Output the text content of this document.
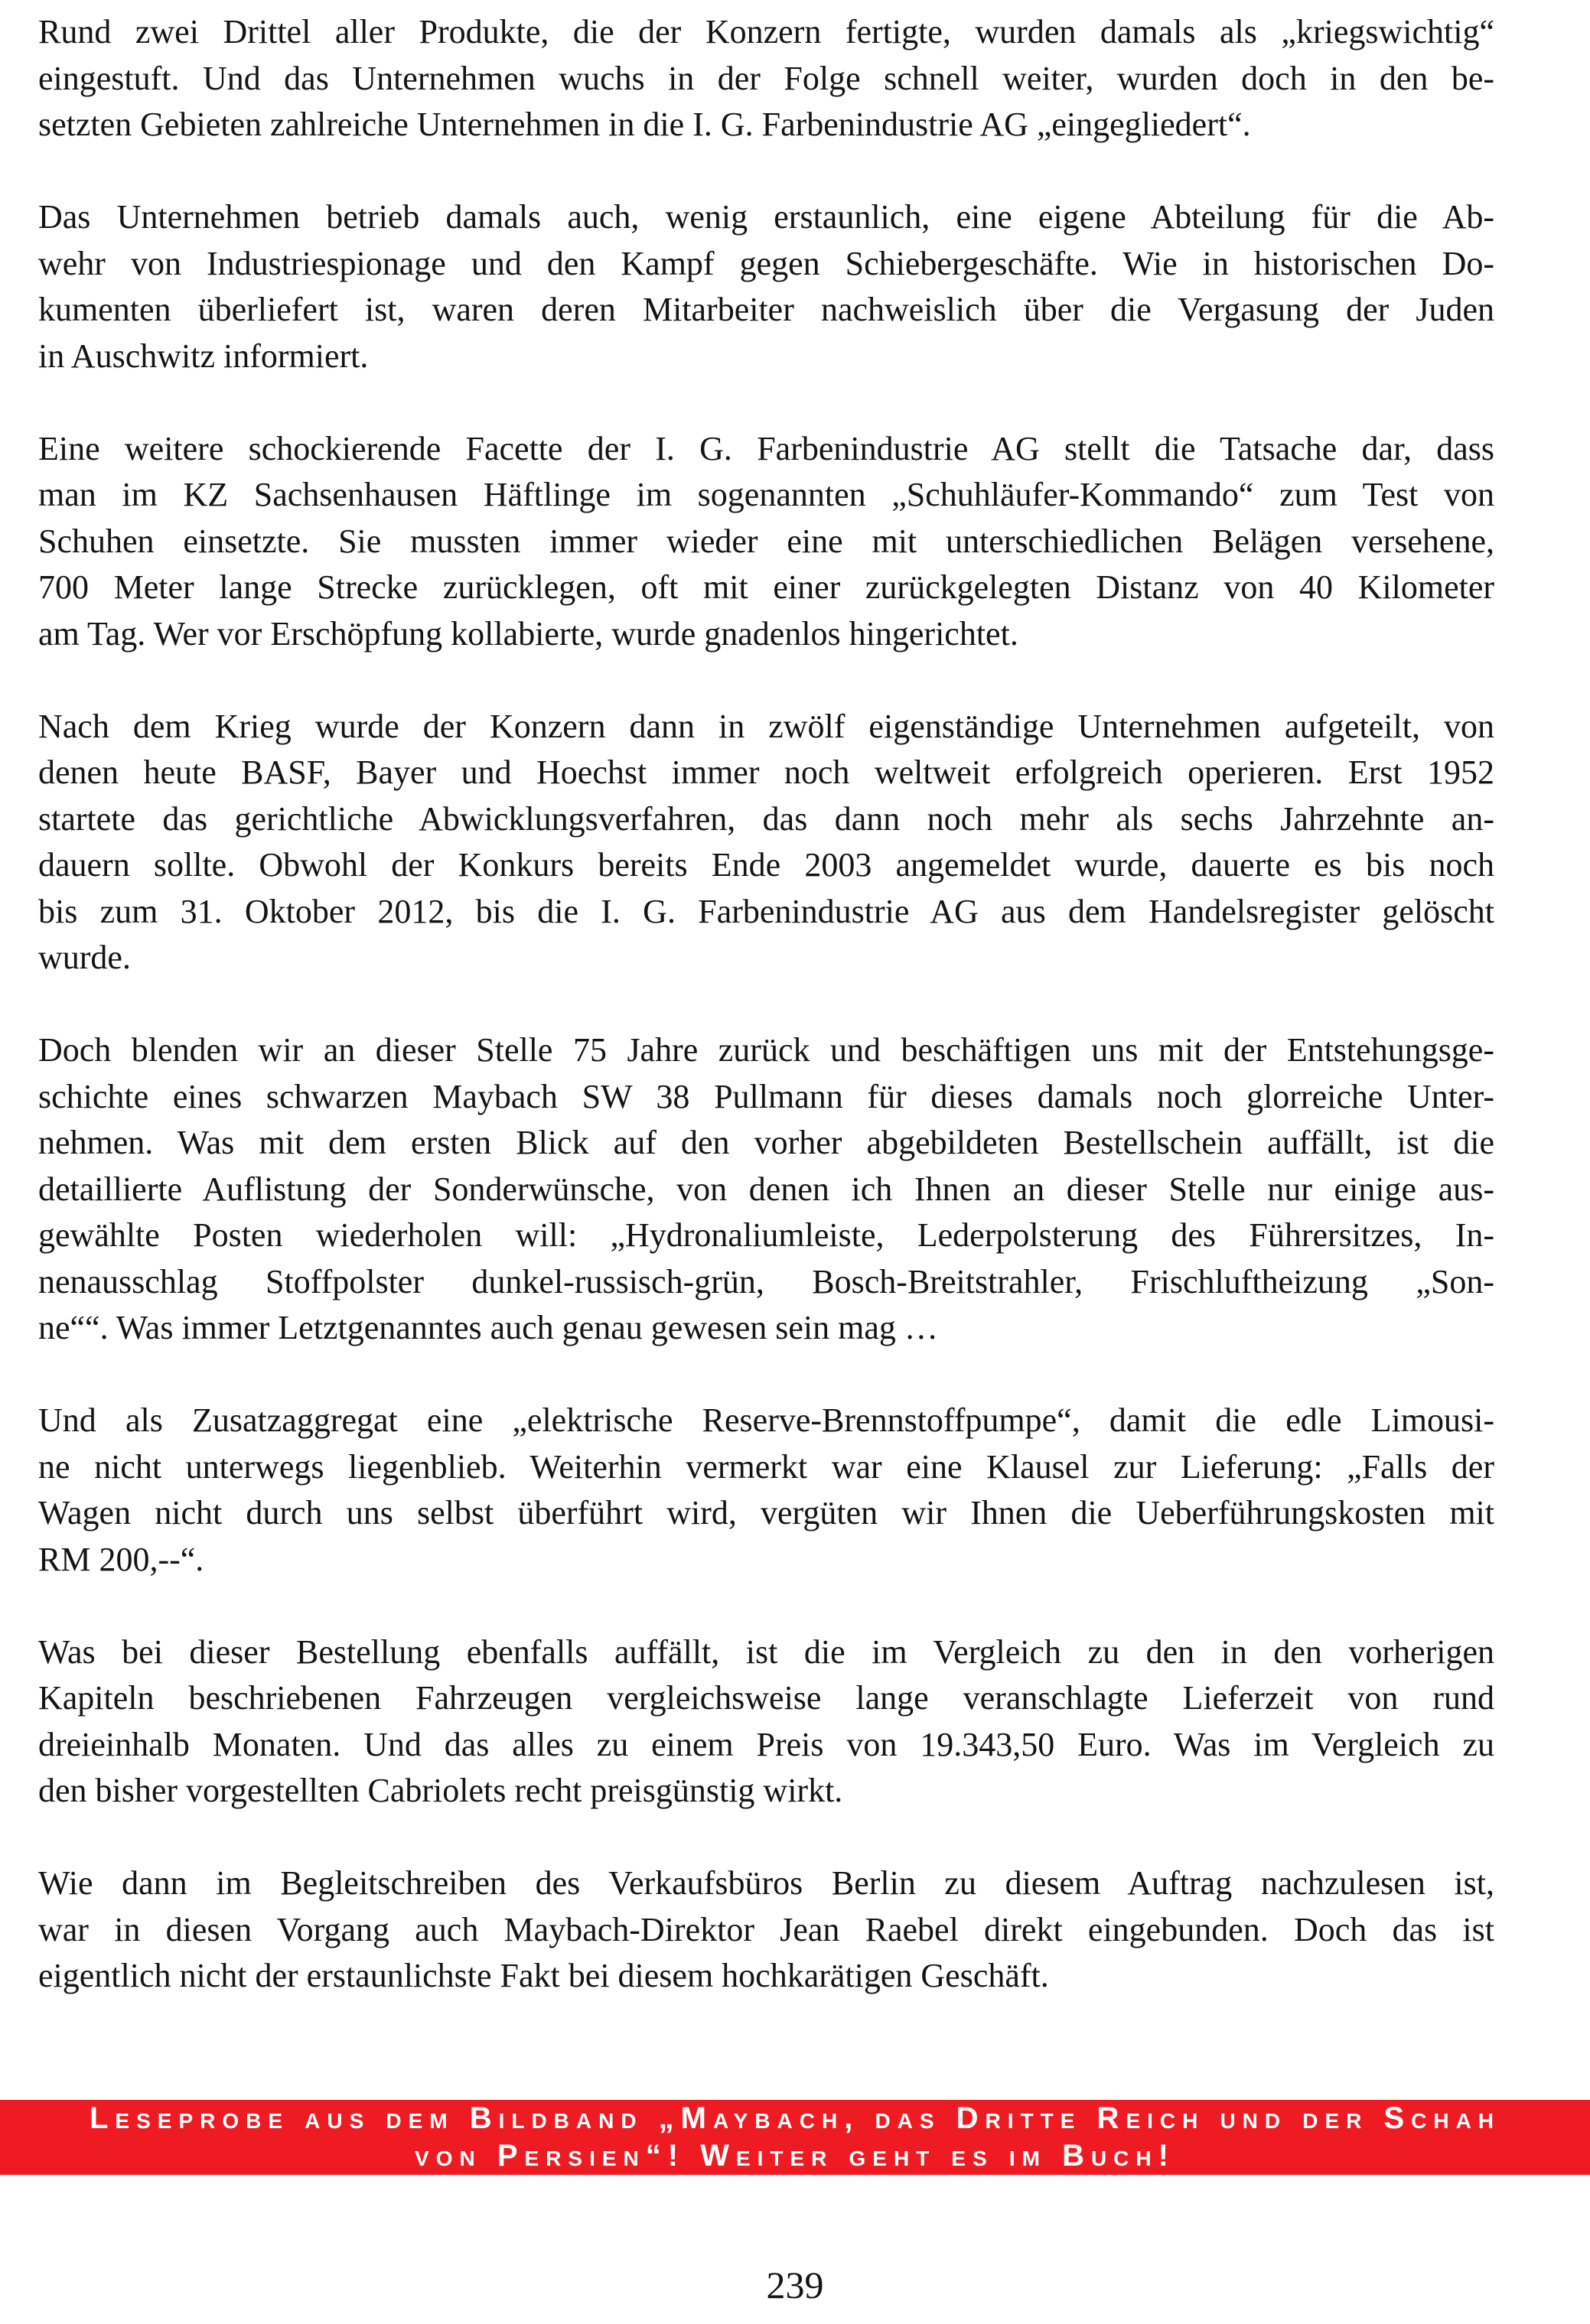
Rund zwei Drittel aller Produkte, die der Konzern fertigte, wurden damals als „kriegswichtig“
eingestuft. Und das Unternehmen wuchs in der Folge schnell weiter, wurden doch in den be-
setzten Gebieten zahlreiche Unternehmen in die I. G. Farbenindustrie AG „eingegliedert“.
Das Unternehmen betrieb damals auch, wenig erstaunlich, eine eigene Abteilung für die Ab-
wehr von Industriespionage und den Kampf gegen Schiebergeschäfte. Wie in historischen Do-
kumenten überliefert ist, waren deren Mitarbeiter nachweislich über die Vergasung der Juden
in Auschwitz informiert.
Eine weitere schockierende Facette der I. G. Farbenindustrie AG stellt die Tatsache dar, dass
man im KZ Sachsenhausen Häftlinge im sogenannten „Schuhläufer-Kommando“ zum Test von
Schuhen einsetzte. Sie mussten immer wieder eine mit unterschiedlichen Belägen versehene,
700 Meter lange Strecke zurücklegen, oft mit einer zurückgelegten Distanz von 40 Kilometer
am Tag. Wer vor Erschöpfung kollabierte, wurde gnadenlos hingerichtet.
Nach dem Krieg wurde der Konzern dann in zwölf eigenständige Unternehmen aufgeteilt, von
denen heute BASF, Bayer und Hoechst immer noch weltweit erfolgreich operieren. Erst 1952
startete das gerichtliche Abwicklungsverfahren, das dann noch mehr als sechs Jahrzehnte an-
dauern sollte. Obwohl der Konkurs bereits Ende 2003 angemeldet wurde, dauerte es bis noch
bis zum 31. Oktober 2012, bis die I. G. Farbenindustrie AG aus dem Handelsregister gelöscht
wurde.
Doch blenden wir an dieser Stelle 75 Jahre zurück und beschäftigen uns mit der Entstehungsge-
schichte eines schwarzen Maybach SW 38 Pullmann für dieses damals noch glorreiche Unter-
nehmen. Was mit dem ersten Blick auf den vorher abgebildeten Bestellschein auffällt, ist die
detaillierte Auflistung der Sonderwünsche, von denen ich Ihnen an dieser Stelle nur einige aus-
gewählte Posten wiederholen will: „Hydronaliumleiste, Lederpolsterung des Führersitzes, In-
nenausschlag Stoffpolster dunkel-russisch-grün, Bosch-Breitstrahler, Frischluftheizung „Son-
ne““. Was immer Letztgenanntes auch genau gewesen sein mag …
Und als Zusatzaggregat eine „elektrische Reserve-Brennstoffpumpe“, damit die edle Limousi-
ne nicht unterwegs liegenblieb. Weiterhin vermerkt war eine Klausel zur Lieferung: „Falls der
Wagen nicht durch uns selbst überführt wird, vergüten wir Ihnen die Ueberführungskosten mit
RM 200,--“.
Was bei dieser Bestellung ebenfalls auffällt, ist die im Vergleich zu den in den vorherigen
Kapiteln beschriebenen Fahrzeugen vergleichsweise lange veranschlagte Lieferzeit von rund
dreieinhalb Monaten. Und das alles zu einem Preis von 19.343,50 Euro. Was im Vergleich zu
den bisher vorgestellten Cabriolets recht preisgünstig wirkt.
Wie dann im Begleitschreiben des Verkaufsbüros Berlin zu diesem Auftrag nachzulesen ist,
war in diesen Vorgang auch Maybach-Direktor Jean Raebel direkt eingebunden. Doch das ist
eigentlich nicht der erstaunlichste Fakt bei diesem hochkarätigen Geschäft.
Leseprobe aus dem Bildband „Maybach, das Dritte Reich und der Schah
von Persien“! Weiter geht es im Buch!
239
